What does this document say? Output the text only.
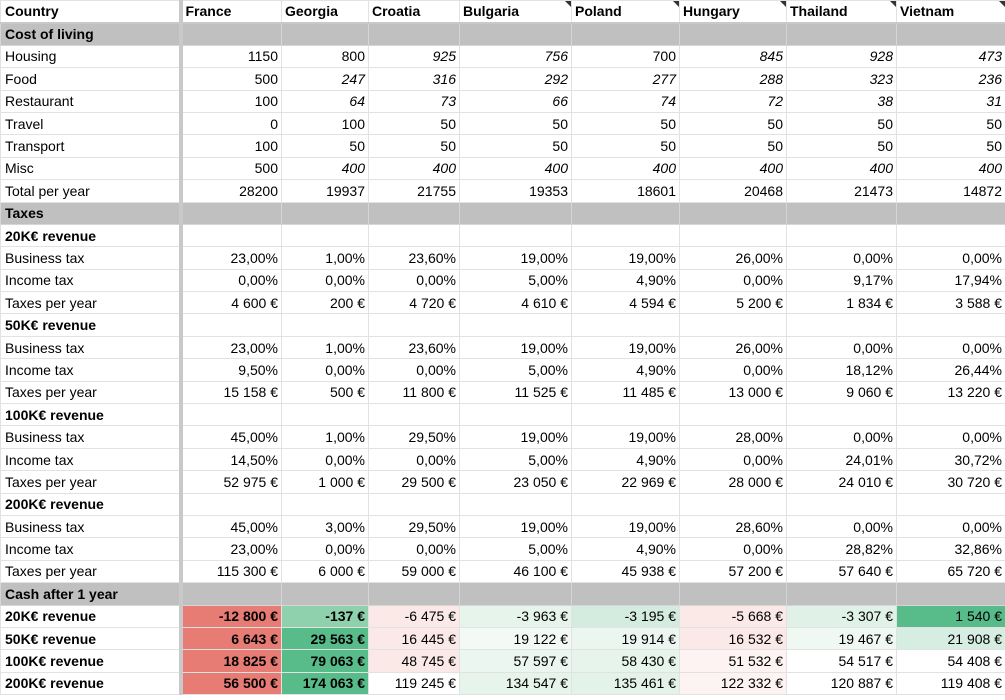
Country	France	Georgia	Croatia	Bulgaria	Poland	Hungary	Thailand	Vietnam

Cost of living								
Housing	1150	800	925	756	700	845	928	473
Food	500	247	316	292	277	288	323	236
Restaurant	100	64	73	66	74	72	38	31
Travel	0	100	50	50	50	50	50	50
Transport	100	50	50	50	50	50	50	50
Misc	500	400	400	400	400	400	400	400
Total per year	28200	19937	21755	19353	18601	20468	21473	14872
Taxes								
20K€ revenue								
Business tax	23,00%	1,00%	23,60%	19,00%	19,00%	26,00%	0,00%	0,00%
Income tax	0,00%	0,00%	0,00%	5,00%	4,90%	0,00%	9,17%	17,94%
Taxes per year	4 600 €	200 €	4 720 €	4 610 €	4 594 €	5 200 €	1 834 €	3 588 €
50K€ revenue								
Business tax	23,00%	1,00%	23,60%	19,00%	19,00%	26,00%	0,00%	0,00%
Income tax	9,50%	0,00%	0,00%	5,00%	4,90%	0,00%	18,12%	26,44%
Taxes per year	15 158 €	500 €	11 800 €	11 525 €	11 485 €	13 000 €	9 060 €	13 220 €
100K€ revenue								
Business tax	45,00%	1,00%	29,50%	19,00%	19,00%	28,00%	0,00%	0,00%
Income tax	14,50%	0,00%	0,00%	5,00%	4,90%	0,00%	24,01%	30,72%
Taxes per year	52 975 €	1 000 €	29 500 €	23 050 €	22 969 €	28 000 €	24 010 €	30 720 €
200K€ revenue								
Business tax	45,00%	3,00%	29,50%	19,00%	19,00%	28,60%	0,00%	0,00%
Income tax	23,00%	0,00%	0,00%	5,00%	4,90%	0,00%	28,82%	32,86%
Taxes per year	115 300 €	6 000 €	59 000 €	46 100 €	45 938 €	57 200 €	57 640 €	65 720 €
Cash after 1 year								
20K€ revenue	-12 800 €	-137 €	-6 475 €	-3 963 €	-3 195 €	-5 668 €	-3 307 €	1 540 €
50K€ revenue	6 643 €	29 563 €	16 445 €	19 122 €	19 914 €	16 532 €	19 467 €	21 908 €
100K€ revenue	18 825 €	79 063 €	48 745 €	57 597 €	58 430 €	51 532 €	54 517 €	54 408 €
200K€ revenue	56 500 €	174 063 €	119 245 €	134 547 €	135 461 €	122 332 €	120 887 €	119 408 €
